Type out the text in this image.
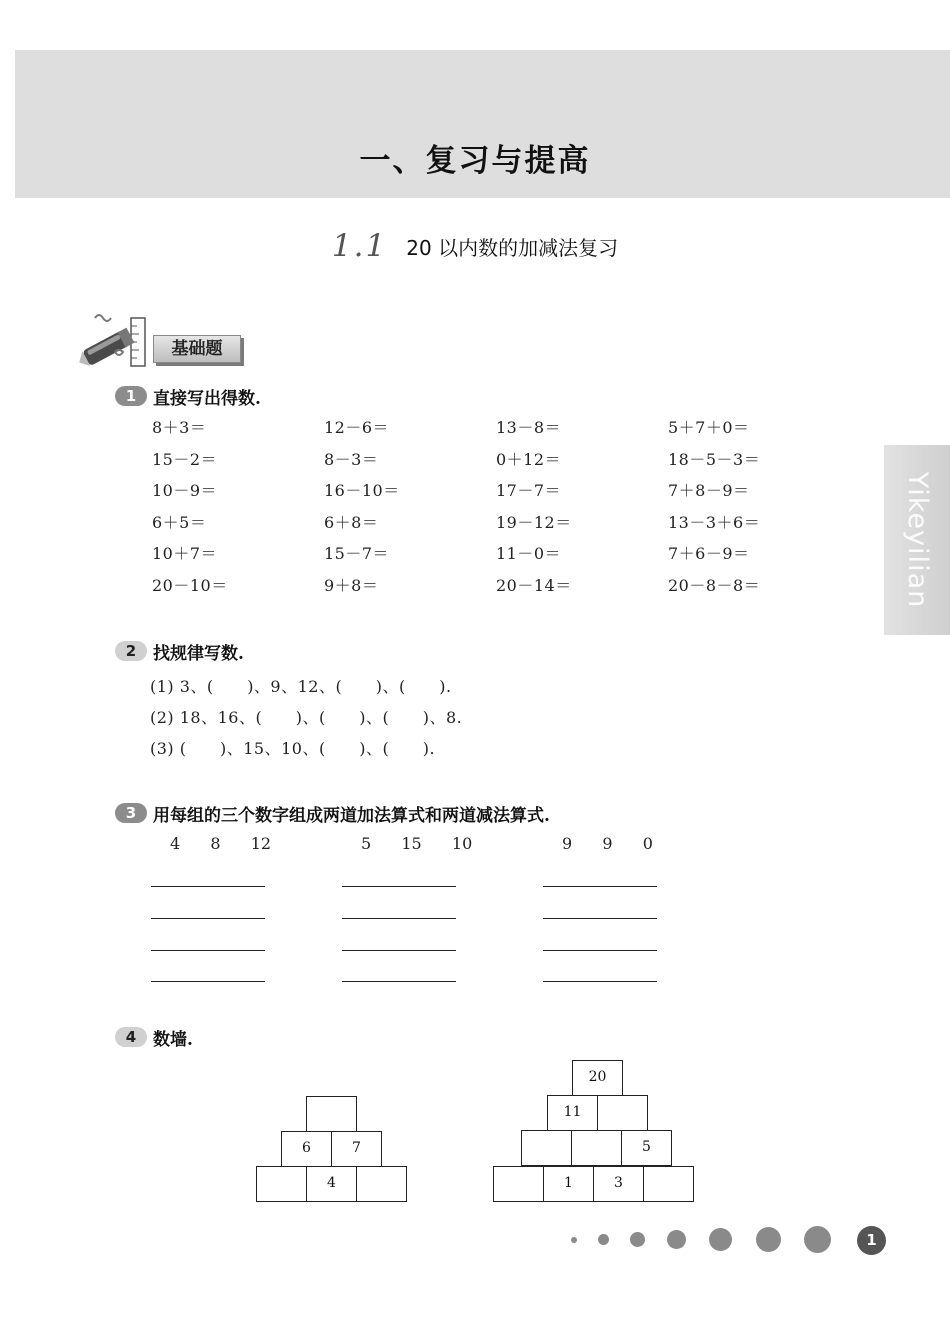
一、复习与提高
1.1 20 以内数的加减法复习
基础题
Yikeyilian
1 直接写出得数.
8＋3＝	12－6＝	13－8＝	5＋7＋0＝
15－2＝	8－3＝	0＋12＝	18－5－3＝
10－9＝	16－10＝	17－7＝	7＋8－9＝
6＋5＝	6＋8＝	19－12＝	13－3＋6＝
10＋7＝	15－7＝	11－0＝	7＋6－9＝
20－10＝	9＋8＝	20－14＝	20－8－8＝
2 找规律写数.
(1) 3、(      )、9、12、(      )、(      ).
(2) 18、16、(      )、(      )、(      )、8.
(3) (      )、15、10、(      )、(      ).
3 用每组的三个数字组成两道加法算式和两道减法算式.
4  8  12	5  15  10	9  9  0
4 数墙.
6	7
4
20
11
5
1	3
1
